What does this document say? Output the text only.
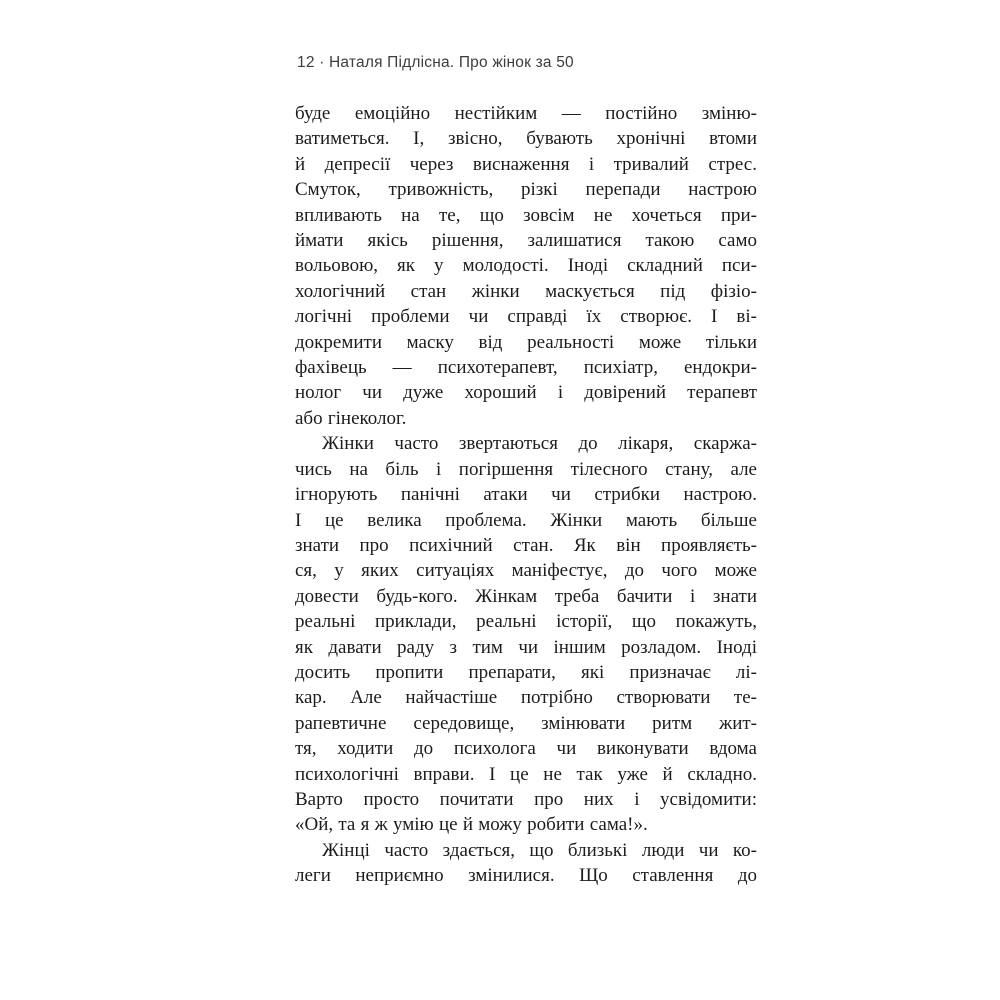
12 · Наталя Підлісна. Про жінок за 50
буде емоційно нестійким — постійно зміню-
ватиметься. І, звісно, бувають хронічні втоми
й депресії через виснаження і тривалий стрес.
Смуток, тривожність, різкі перепади настрою
впливають на те, що зовсім не хочеться при-
ймати якісь рішення, залишатися такою само
вольовою, як у молодості. Іноді складний пси-
хологічний стан жінки маскується під фізіо-
логічні проблеми чи справді їх створює. І ві-
докремити маску від реальності може тільки
фахівець — психотерапевт, психіатр, ендокри-
нолог чи дуже хороший і довірений терапевт
або гінеколог.
Жінки часто звертаються до лікаря, скаржа-
чись на біль і погіршення тілесного стану, але
ігнорують панічні атаки чи стрибки настрою.
І це велика проблема. Жінки мають більше
знати про психічний стан. Як він проявляєть-
ся, у яких ситуаціях маніфестує, до чого може
довести будь-кого. Жінкам треба бачити і знати
реальні приклади, реальні історії, що покажуть,
як давати раду з тим чи іншим розладом. Іноді
досить пропити препарати, які призначає лі-
кар. Але найчастіше потрібно створювати те-
рапевтичне середовище, змінювати ритм жит-
тя, ходити до психолога чи виконувати вдома
психологічні вправи. І це не так уже й складно.
Варто просто почитати про них і усвідомити:
«Ой, та я ж умію це й можу робити сама!».
Жінці часто здається, що близькі люди чи ко-
леги неприємно змінилися. Що ставлення до
